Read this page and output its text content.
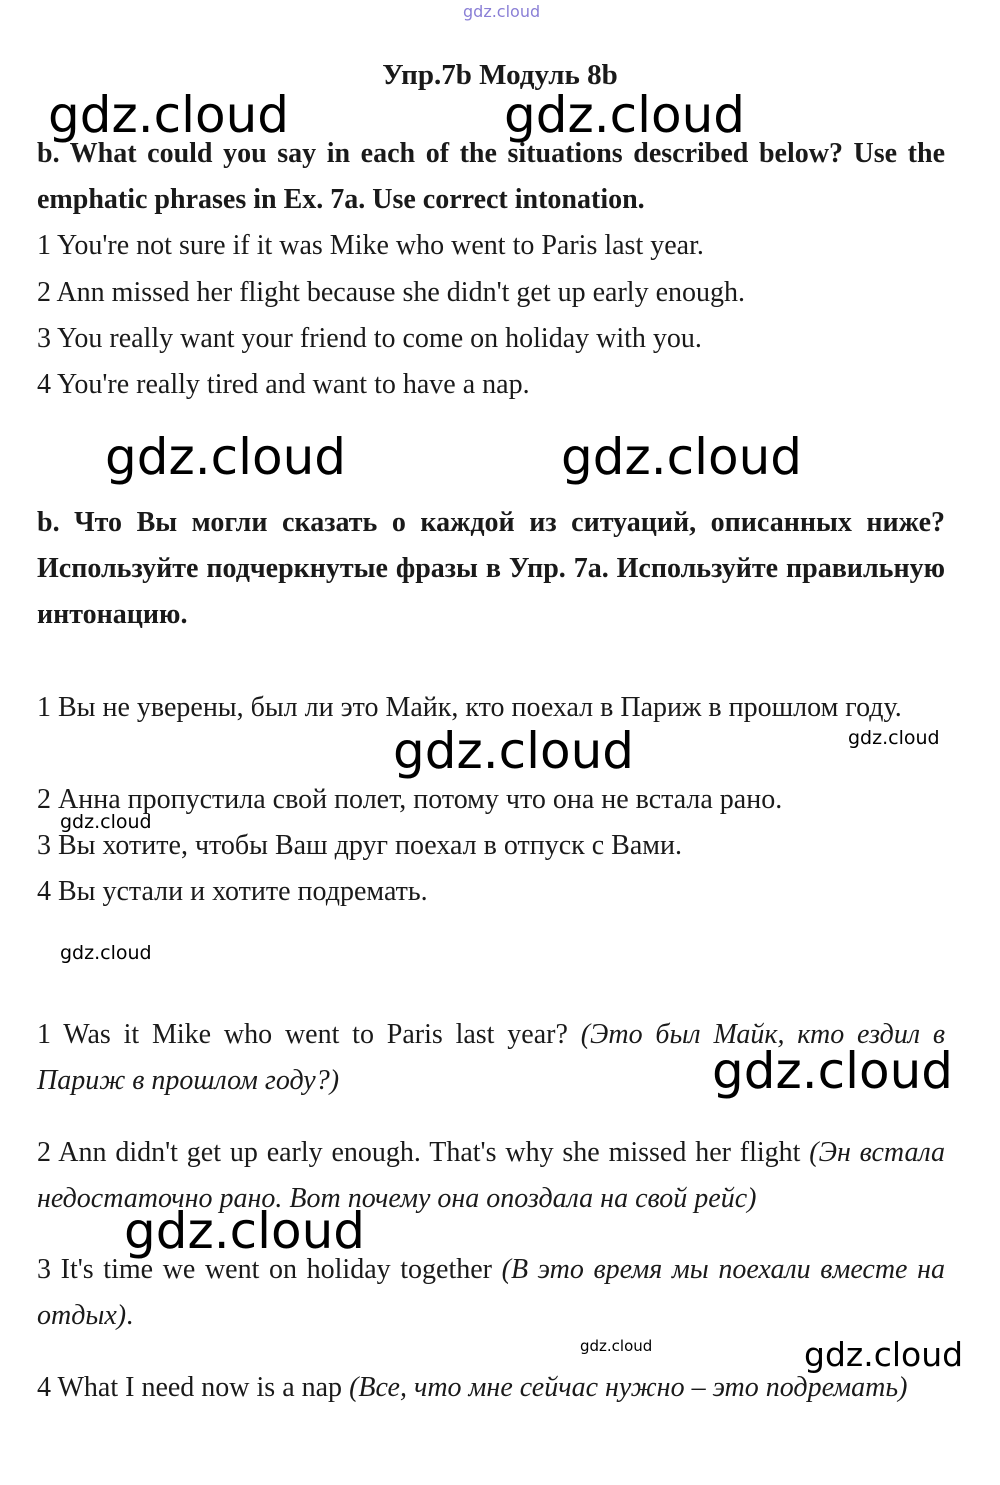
gdz.cloud
gdz.cloud	gdz.cloud
gdz.cloud	gdz.cloud
gdz.cloud	gdz.cloud
gdz.cloud
gdz.cloud
gdz.cloud
gdz.cloud
gdz.cloud	gdz.cloud
Упр.7b Модуль 8b
b. What could you say in each of the situations described below? Use the emphatic phrases in Ex. 7a. Use correct intonation.
1 You're not sure if it was Mike who went to Paris last year.
2 Ann missed her flight because she didn't get up early enough.
3 You really want your friend to come on holiday with you.
4 You're really tired and want to have a nap.
b. Что Вы могли сказать о каждой из ситуаций, описанных ниже? Используйте подчеркнутые фразы в Упр. 7a. Используйте правильную интонацию.
1 Вы не уверены, был ли это Майк, кто поехал в Париж в прошлом году.
2 Анна пропустила свой полет, потому что она не встала рано.
3 Вы хотите, чтобы Ваш друг поехал в отпуск с Вами.
4 Вы устали и хотите подремать.
1 Was it Mike who went to Paris last year? (Это был Майк, кто ездил в Париж в прошлом году?)
2 Ann didn't get up early enough. That's why she missed her flight (Эн встала недостаточно рано. Вот почему она опоздала на свой рейс)
3 It's time we went on holiday together (В это время мы поехали вместе на отдых).
4 What I need now is a nap (Все, что мне сейчас нужно – это подремать)
